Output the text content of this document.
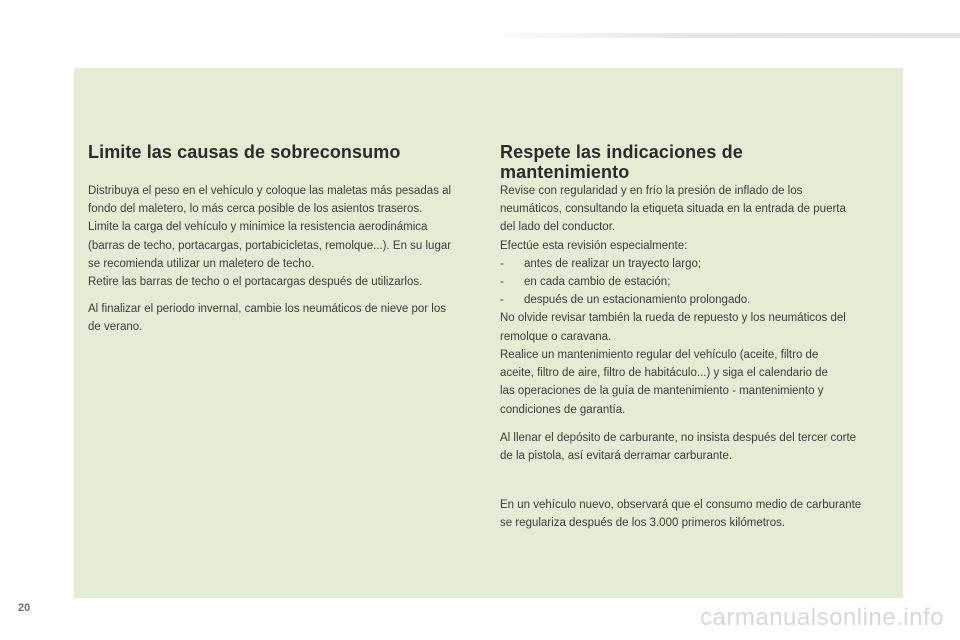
Limite las causas de sobreconsumo

Distribuya el peso en el vehículo y coloque las maletas más pesadas al
fondo del maletero, lo más cerca posible de los asientos traseros.
Limite la carga del vehículo y minimice la resistencia aerodinámica
(barras de techo, portacargas, portabicicletas, remolque...). En su lugar
se recomienda utilizar un maletero de techo.
Retire las barras de techo o el portacargas después de utilizarlos.

Al finalizar el periodo invernal, cambie los neumáticos de nieve por los
de verano.

Respete las indicaciones de
mantenimiento

Revise con regularidad y en frío la presión de inflado de los
neumáticos, consultando la etiqueta situada en la entrada de puerta
del lado del conductor.
Efectúe esta revisión especialmente:
- antes de realizar un trayecto largo;
- en cada cambio de estación;
- después de un estacionamiento prolongado.
No olvide revisar también la rueda de repuesto y los neumáticos del
remolque o caravana.

Realice un mantenimiento regular del vehículo (aceite, filtro de
aceite, filtro de aire, filtro de habitáculo...) y siga el calendario de
las operaciones de la guía de mantenimiento - mantenimiento y
condiciones de garantía.

Al llenar el depósito de carburante, no insista después del tercer corte
de la pistola, así evitará derramar carburante.

En un vehículo nuevo, observará que el consumo medio de carburante
se regulariza después de los 3.000 primeros kilómetros.

20	carmanualsonline.info
